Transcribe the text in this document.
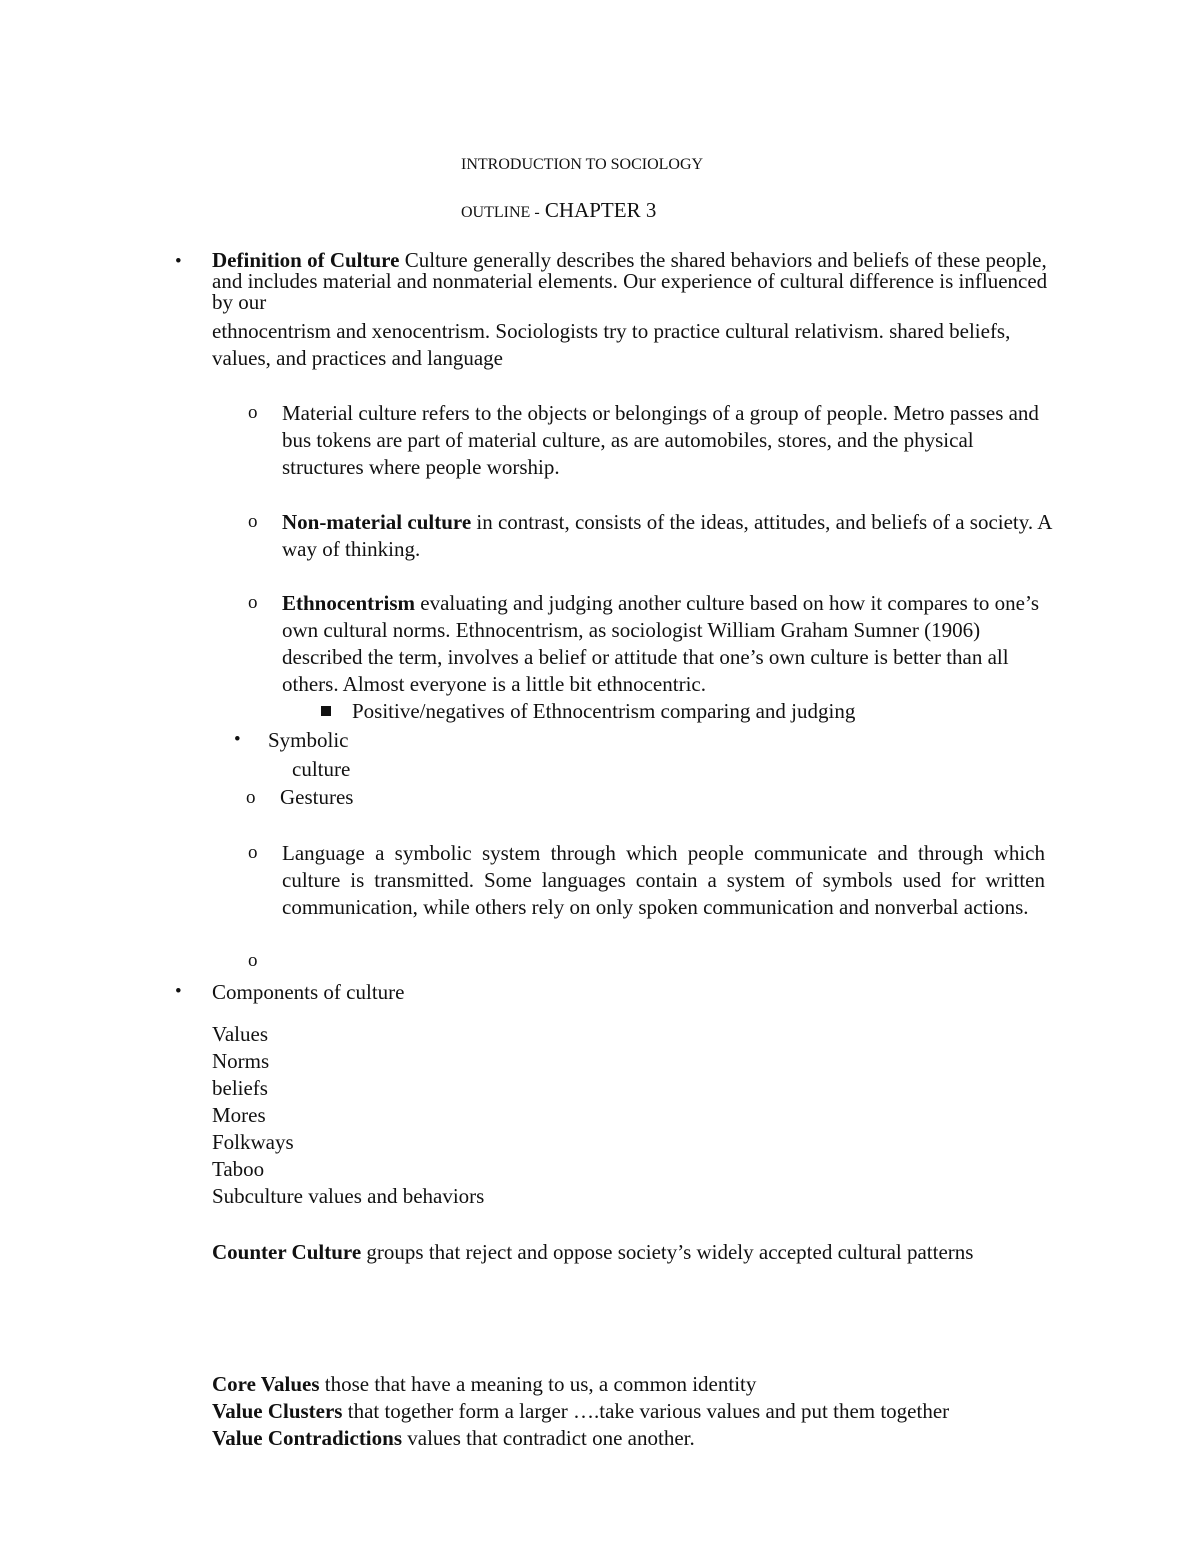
INTRODUCTION TO SOCIOLOGY
OUTLINE - CHAPTER 3
• Definition of Culture Culture generally describes the shared behaviors and beliefs of these people, and includes material and nonmaterial elements. Our experience of cultural difference is influenced by our
ethnocentrism and xenocentrism. Sociologists try to practice cultural relativism. shared beliefs, values, and practices and language
o Material culture refers to the objects or belongings of a group of people. Metro passes and bus tokens are part of material culture, as are automobiles, stores, and the physical structures where people worship.
o Non-material culture in contrast, consists of the ideas, attitudes, and beliefs of a society. A way of thinking.
o Ethnocentrism evaluating and judging another culture based on how it compares to one’s own cultural norms. Ethnocentrism, as sociologist William Graham Sumner (1906) described the term, involves a belief or attitude that one’s own culture is better than all others. Almost everyone is a little bit ethnocentric.
Positive/negatives of Ethnocentrism comparing and judging
• Symbolic
culture
o Gestures
o Language a symbolic system through which people communicate and through which culture is transmitted. Some languages contain a system of symbols used for written communication, while others rely on only spoken communication and nonverbal actions.
o
• Components of culture
Values
Norms
beliefs
Mores
Folkways
Taboo
Subculture values and behaviors
Counter Culture groups that reject and oppose society’s widely accepted cultural patterns
Core Values those that have a meaning to us, a common identity
Value Clusters that together form a larger ….take various values and put them together
Value Contradictions values that contradict one another.
